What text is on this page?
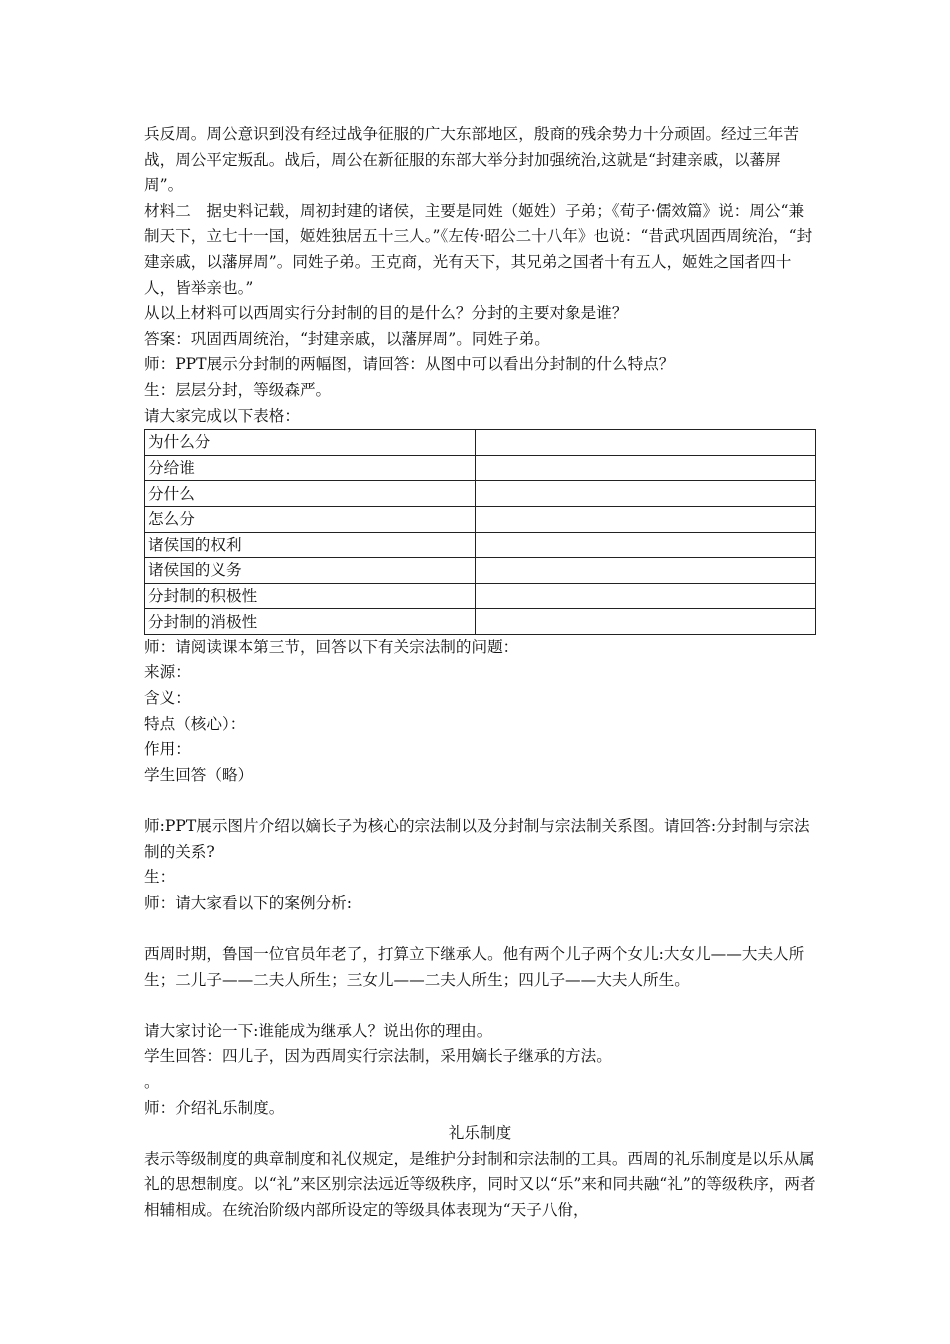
兵反周。周公意识到没有经过战争征服的广大东部地区，殷商的残余势力十分顽固。经过三年苦战，周公平定叛乱。战后，周公在新征服的东部大举分封加强统治,这就是“封建亲戚，以蕃屏周”。

材料二　据史料记载，周初封建的诸侯，主要是同姓（姬姓）子弟；《荀子·儒效篇》说：周公“兼制天下，立七十一国，姬姓独居五十三人。”《左传·昭公二十八年》也说：“昔武巩固西周统治，“封建亲戚，以藩屏周”。同姓子弟。王克商，光有天下，其兄弟之国者十有五人，姬姓之国者四十人，皆举亲也。”

从以上材料可以西周实行分封制的目的是什么？分封的主要对象是谁？

答案：巩固西周统治，“封建亲戚，以藩屏周”。同姓子弟。

师：PPT展示分封制的两幅图，请回答：从图中可以看出分封制的什么特点？

生：层层分封，等级森严。

请大家完成以下表格：

为什么分	
分给谁	
分什么	
怎么分	
诸侯国的权利	
诸侯国的义务	
分封制的积极性	
分封制的消极性	

师：请阅读课本第三节，回答以下有关宗法制的问题：

来源：

含义：

特点（核心）：

作用：

学生回答（略）

师:PPT展示图片介绍以嫡长子为核心的宗法制以及分封制与宗法制关系图。请回答:分封制与宗法制的关系?

生：

师：请大家看以下的案例分析:

西周时期，鲁国一位官员年老了，打算立下继承人。他有两个儿子两个女儿:大女儿——大夫人所生；二儿子——二夫人所生；三女儿——二夫人所生；四儿子——大夫人所生。

请大家讨论一下:谁能成为继承人？说出你的理由。

学生回答：四儿子，因为西周实行宗法制，采用嫡长子继承的方法。

。

师：介绍礼乐制度。

礼乐制度

表示等级制度的典章制度和礼仪规定，是维护分封制和宗法制的工具。西周的礼乐制度是以乐从属礼的思想制度。以“礼”来区别宗法远近等级秩序，同时又以“乐”来和同共融“礼”的等级秩序，两者相辅相成。在统治阶级内部所设定的等级具体表现为“天子八佾，
